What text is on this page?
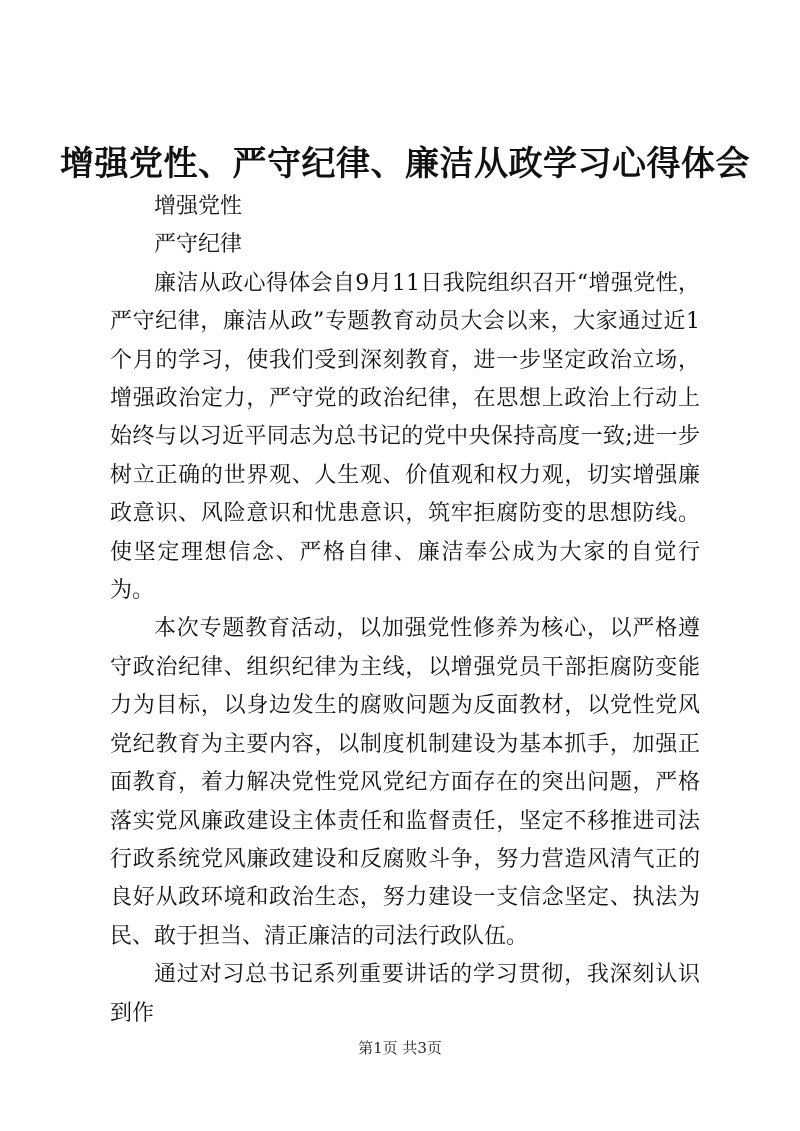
增强党性、严守纪律、廉洁从政学习心得体会

增强党性

严守纪律

廉洁从政心得体会自9月11日我院组织召开“增强党性，严守纪律，廉洁从政”专题教育动员大会以来，大家通过近1个月的学习，使我们受到深刻教育，进一步坚定政治立场，增强政治定力，严守党的政治纪律，在思想上政治上行动上始终与以习近平同志为总书记的党中央保持高度一致;进一步树立正确的世界观、人生观、价值观和权力观，切实增强廉政意识、风险意识和忧患意识，筑牢拒腐防变的思想防线。使坚定理想信念、严格自律、廉洁奉公成为大家的自觉行为。

本次专题教育活动，以加强党性修养为核心，以严格遵守政治纪律、组织纪律为主线，以增强党员干部拒腐防变能力为目标，以身边发生的腐败问题为反面教材，以党性党风党纪教育为主要内容，以制度机制建设为基本抓手，加强正面教育，着力解决党性党风党纪方面存在的突出问题，严格落实党风廉政建设主体责任和监督责任，坚定不移推进司法行政系统党风廉政建设和反腐败斗争，努力营造风清气正的良好从政环境和政治生态，努力建设一支信念坚定、执法为民、敢于担当、清正廉洁的司法行政队伍。

通过对习总书记系列重要讲话的学习贯彻，我深刻认识到作

第1页 共3页
